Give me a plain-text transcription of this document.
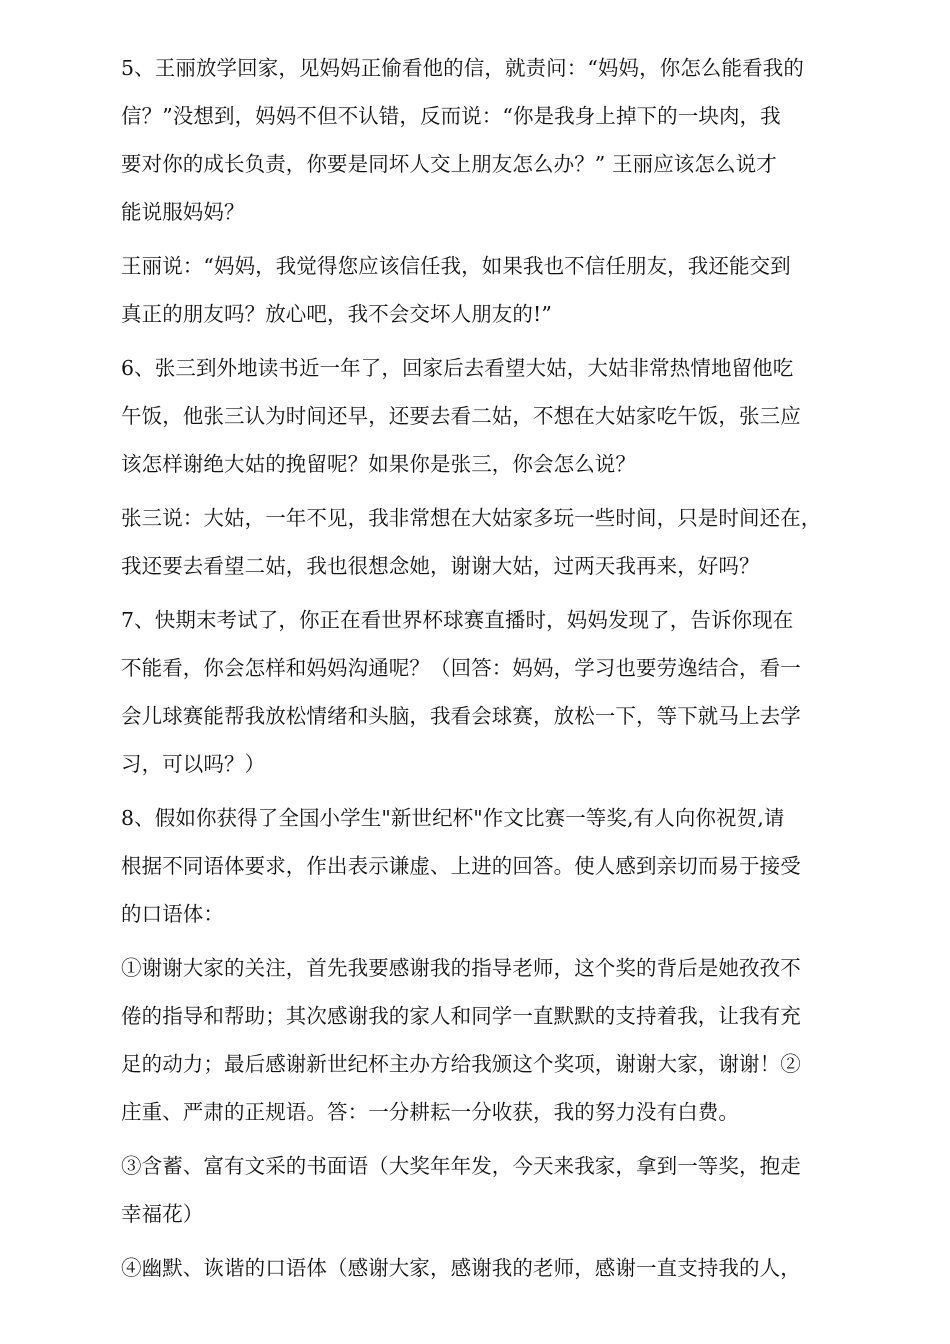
5、王丽放学回家，见妈妈正偷看他的信，就责问：“妈妈，你怎么能看我的
信？”没想到，妈妈不但不认错，反而说：“你是我身上掉下的一块肉，我
要对你的成长负责，你要是同坏人交上朋友怎么办？” 王丽应该怎么说才
能说服妈妈？
王丽说：“妈妈，我觉得您应该信任我，如果我也不信任朋友，我还能交到
真正的朋友吗？放心吧，我不会交坏人朋友的!”
6、张三到外地读书近一年了，回家后去看望大姑，大姑非常热情地留他吃
午饭，他张三认为时间还早，还要去看二姑，不想在大姑家吃午饭，张三应
该怎样谢绝大姑的挽留呢？如果你是张三，你会怎么说？
张三说：大姑，一年不见，我非常想在大姑家多玩一些时间，只是时间还在，
我还要去看望二姑，我也很想念她，谢谢大姑，过两天我再来，好吗？
7、快期末考试了，你正在看世界杯球赛直播时，妈妈发现了，告诉你现在
不能看，你会怎样和妈妈沟通呢？（回答：妈妈，学习也要劳逸结合，看一
会儿球赛能帮我放松情绪和头脑，我看会球赛，放松一下，等下就马上去学
习，可以吗？）
8、假如你获得了全国小学生"新世纪杯"作文比赛一等奖,有人向你祝贺,请
根据不同语体要求，作出表示谦虚、上进的回答。使人感到亲切而易于接受
的口语体：
①谢谢大家的关注，首先我要感谢我的指导老师，这个奖的背后是她孜孜不
倦的指导和帮助；其次感谢我的家人和同学一直默默的支持着我，让我有充
足的动力；最后感谢新世纪杯主办方给我颁这个奖项，谢谢大家，谢谢！②
庄重、严肃的正规语。答：一分耕耘一分收获，我的努力没有白费。
③含蓄、富有文采的书面语（大奖年年发，今天来我家，拿到一等奖，抱走
幸福花）
④幽默、诙谐的口语体（感谢大家，感谢我的老师，感谢一直支持我的人，
